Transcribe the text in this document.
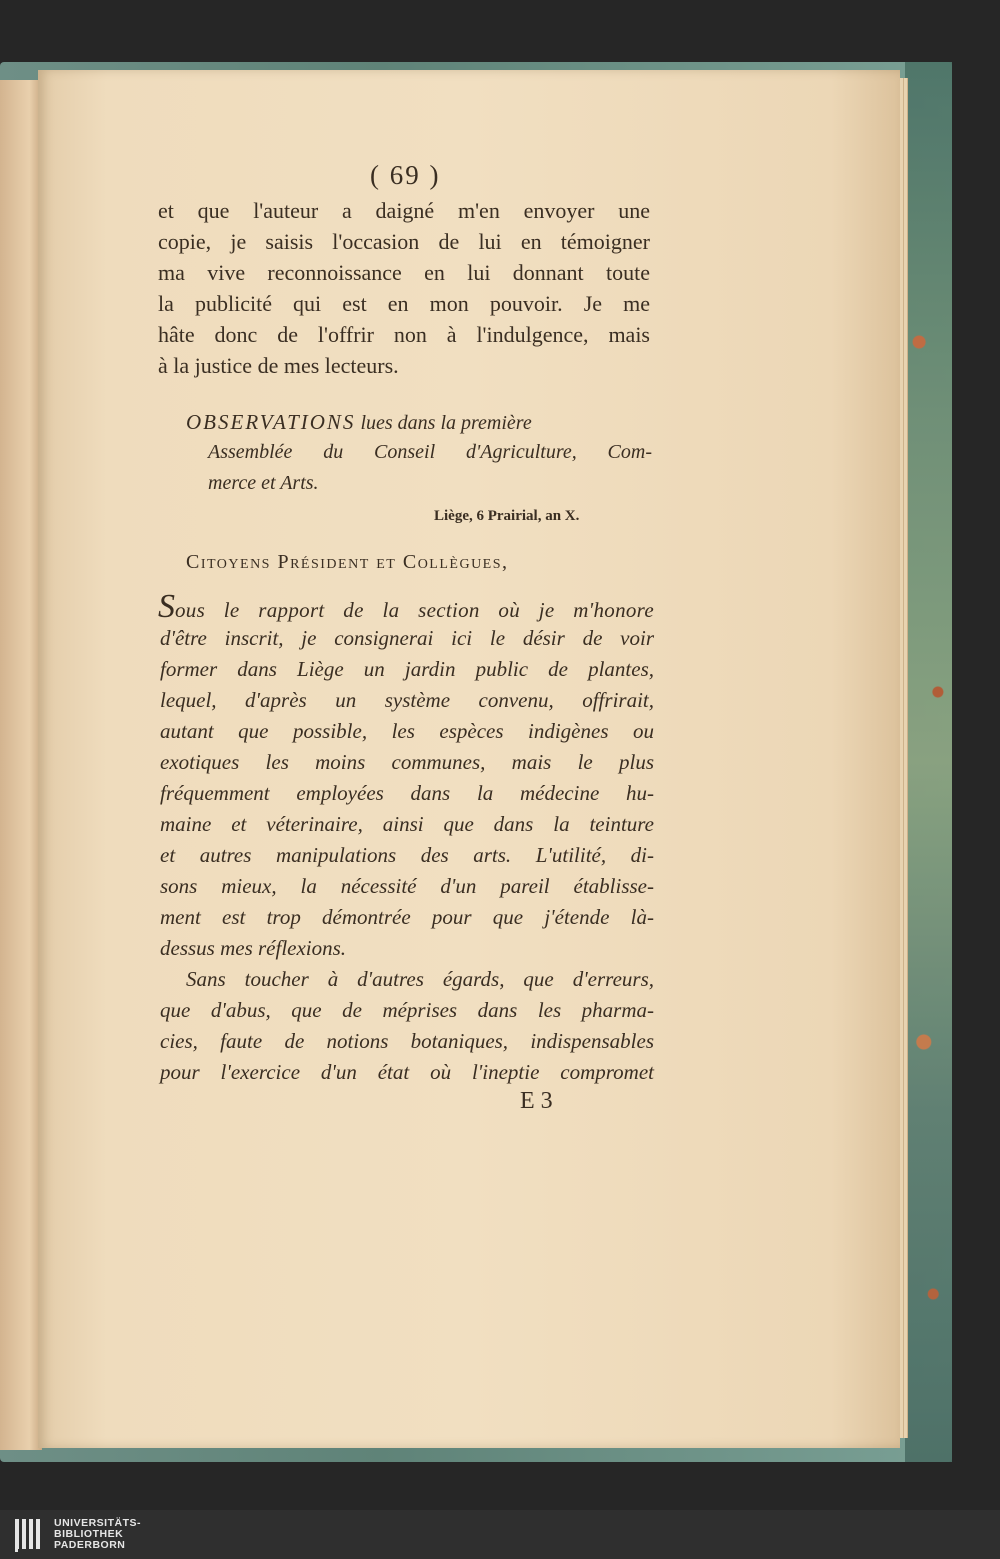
( 69 )
et que l'auteur a daigné m'en envoyer une
copie, je saisis l'occasion de lui en témoigner
ma vive reconnoissance en lui donnant toute
la publicité qui est en mon pouvoir. Je me
hâte donc de l'offrir non à l'indulgence, mais
à la justice de mes lecteurs.
OBSERVATIONS lues dans la première
Assemblée du Conseil d'Agriculture, Com-
merce et Arts.
Liège, 6 Prairial, an X.
Citoyens Président et Collègues,
S ous le rapport de la section où je m'honore
d'être inscrit, je consignerai ici le désir de voir
former dans Liège un jardin public de plantes,
lequel, d'après un système convenu, offrirait,
autant que possible, les espèces indigènes ou
exotiques les moins communes, mais le plus
fréquemment employées dans la médecine hu-
maine et véterinaire, ainsi que dans la teinture
et autres manipulations des arts. L'utilité, di-
sons mieux, la nécessité d'un pareil établisse-
ment est trop démontrée pour que j'étende là-
dessus mes réflexions.
Sans toucher à d'autres égards, que d'erreurs,
que d'abus, que de méprises dans les pharma-
cies, faute de notions botaniques, indispensables
pour l'exercice d'un état où l'ineptie compromet
E 3
UNIVERSITÄTS-
BIBLIOTHEK
PADERBORN
